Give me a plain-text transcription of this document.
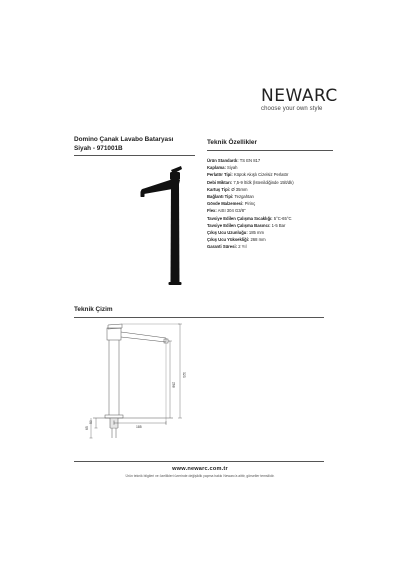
NEWARC
choose your own style
Domino Çanak Lavabo Bataryası
Siyah - 971001B
Teknik Özellikler
Ürün Standardı: TS EN 817
Kaplama: Siyah
Perlatör Tipi: Köpük Akışlı Cizelsiz Perlatör
Debi Miktarı: 7,5-9 lt/dk (İstenildiğinde 15lt/dk)
Kartuş Tipi: Ø 35mm
Bağlantı Tipi: Tezgahtan
Gövde Malzemesi: Pirinç
Flex: AISI 304 G3/8"
Tavsiye Edilen Çalışma Sıcaklığı: 5°C-65°C
Tavsiye Edilen Çalışma Basıncı: 1-5 Bar
Çıkış Ucu Uzunluğu: 185 mm
Çıkış Ucu Yüksekliği: 268 mm
Garanti Süresi: 2 Yıl
Teknik Çizim
323
268
185
50
65
www.newarc.com.tr
Ürün teknik bilgileri ve özellikleri üzerinde değişiklik yapma hakkı Newarc'a aittir, görseller temsilidir.
